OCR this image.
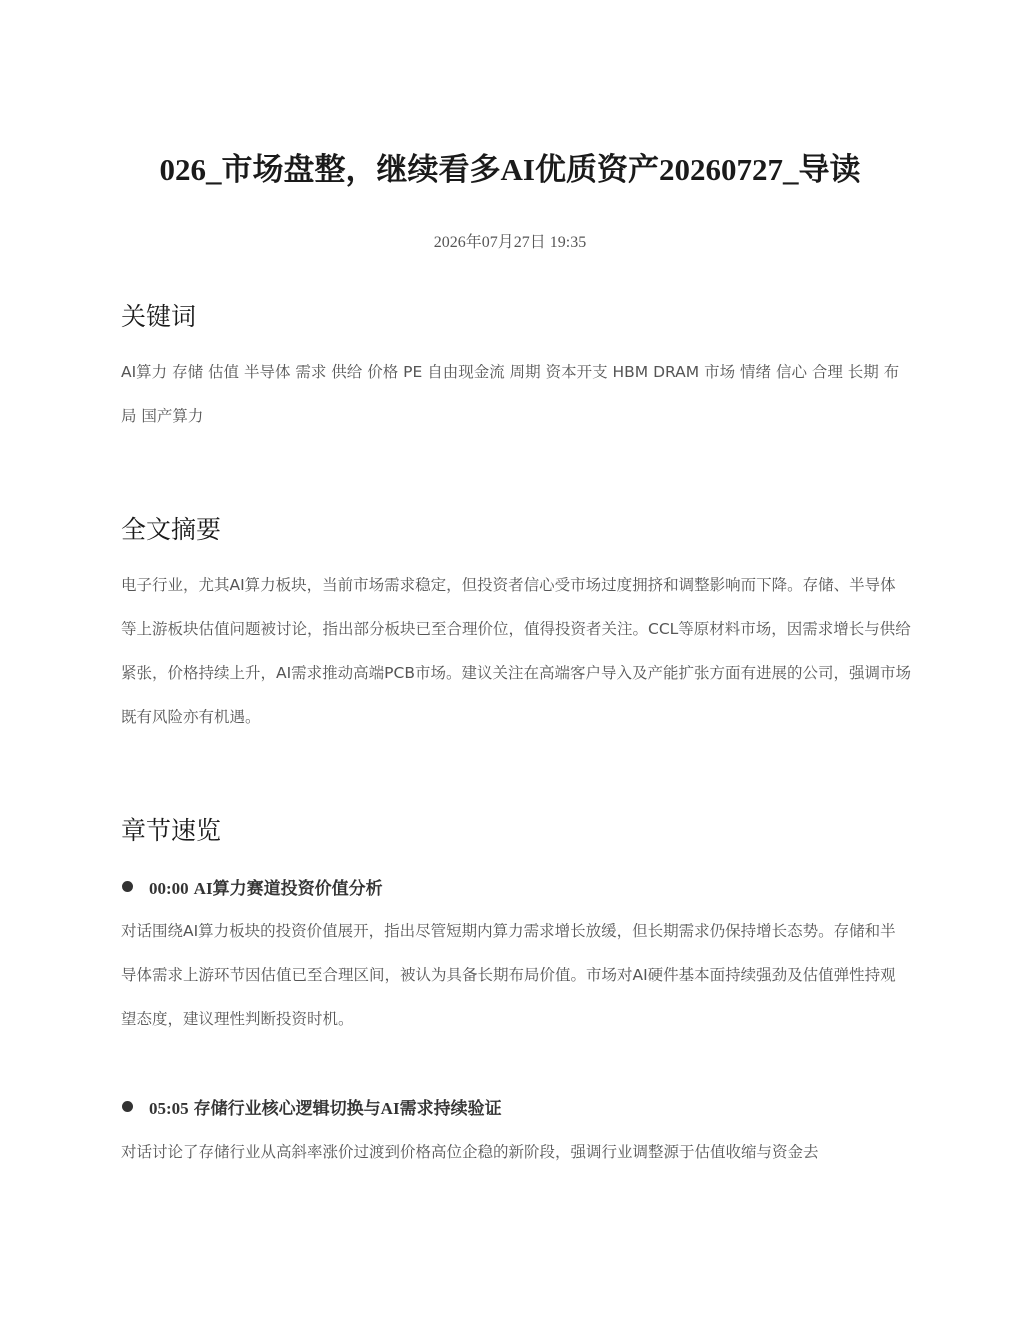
026_市场盘整，继续看多AI优质资产20260727_导读
2026年07月27日 19:35
关键词

AI算力 存储 估值 半导体 需求 供给 价格 PE 自由现金流 周期 资本开支 HBM DRAM 市场 情绪 信心 合理 长期 布局 国产算力

全文摘要

电子行业，尤其AI算力板块，当前市场需求稳定，但投资者信心受市场过度拥挤和调整影响而下降。存储、半导体等上游板块估值问题被讨论，指出部分板块已至合理价位，值得投资者关注。CCL等原材料市场，因需求增长与供给紧张，价格持续上升，AI需求推动高端PCB市场。建议关注在高端客户导入及产能扩张方面有进展的公司，强调市场既有风险亦有机遇。

章节速览
00:00 AI算力赛道投资价值分析

对话围绕AI算力板块的投资价值展开，指出尽管短期内算力需求增长放缓，但长期需求仍保持增长态势。存储和半导体需求上游环节因估值已至合理区间，被认为具备长期布局价值。市场对AI硬件基本面持续强劲及估值弹性持观望态度，建议理性判断投资时机。

05:05 存储行业核心逻辑切换与AI需求持续验证

对话讨论了存储行业从高斜率涨价过渡到价格高位企稳的新阶段，强调行业调整源于估值收缩与资金去
